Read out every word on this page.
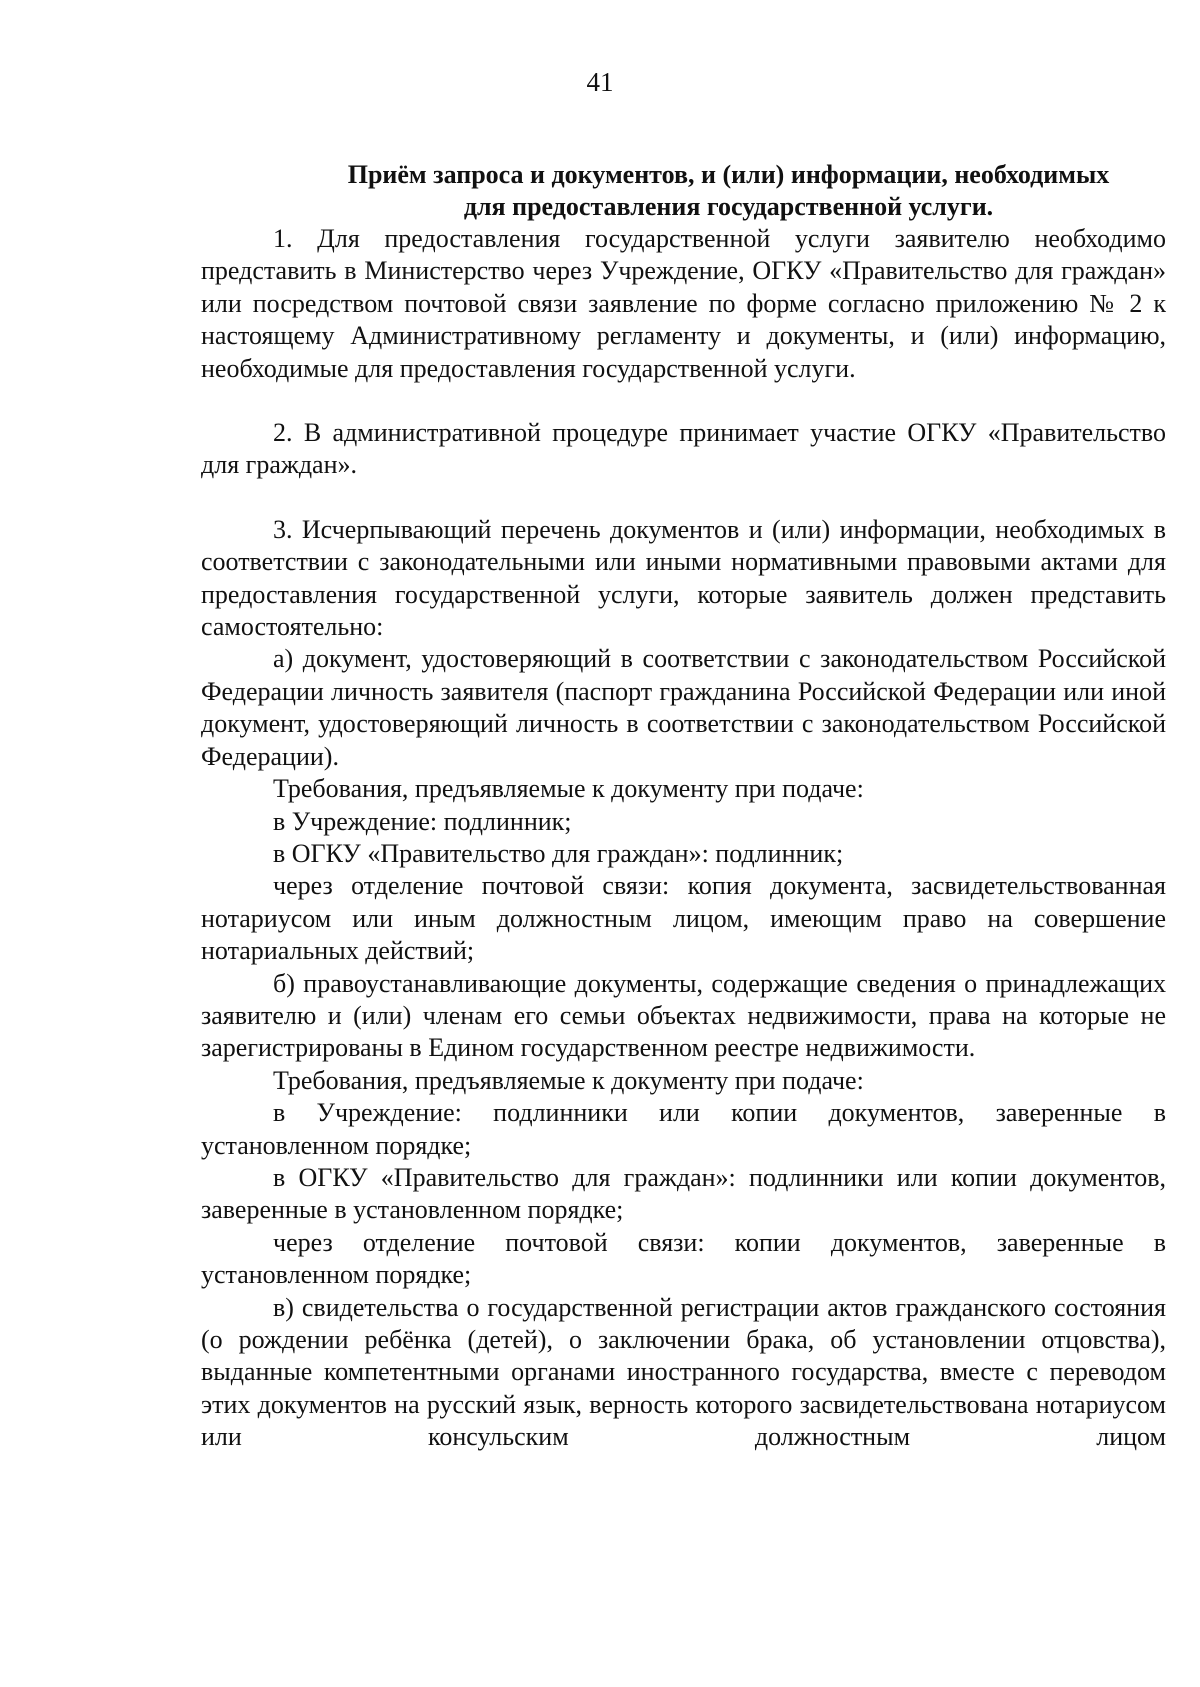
41
Приём запроса и документов, и (или) информации, необходимых
для предоставления государственной услуги.

1. Для предоставления государственной услуги заявителю необходимо представить в Министерство через Учреждение, ОГКУ «Правительство для граждан» или посредством почтовой связи заявление по форме согласно приложению № 2 к настоящему Административному регламенту и документы, и (или) информацию, необходимые для предоставления государственной услуги.

2. В административной процедуре принимает участие ОГКУ «Правительство для граждан».

3. Исчерпывающий перечень документов и (или) информации, необходимых в соответствии с законодательными или иными нормативными правовыми актами для предоставления государственной услуги, которые заявитель должен представить самостоятельно:

а) документ, удостоверяющий в соответствии с законодательством Российской Федерации личность заявителя (паспорт гражданина Российской Федерации или иной документ, удостоверяющий личность в соответствии с законодательством Российской Федерации).

Требования, предъявляемые к документу при подаче:

в Учреждение: подлинник;

в ОГКУ «Правительство для граждан»: подлинник;

через отделение почтовой связи: копия документа, засвидетельствованная нотариусом или иным должностным лицом, имеющим право на совершение нотариальных действий;

б) правоустанавливающие документы, содержащие сведения о принадлежащих заявителю и (или) членам его семьи объектах недвижимости, права на которые не зарегистрированы в Едином государственном реестре недвижимости.

Требования, предъявляемые к документу при подаче:

в Учреждение: подлинники или копии документов, заверенные в установленном порядке;

в ОГКУ «Правительство для граждан»: подлинники или копии документов, заверенные в установленном порядке;

через отделение почтовой связи: копии документов, заверенные в установленном порядке;

в) свидетельства о государственной регистрации актов гражданского состояния (о рождении ребёнка (детей), о заключении брака, об установлении отцовства), выданные компетентными органами иностранного государства, вместе с переводом этих документов на русский язык, верность которого засвидетельствована нотариусом или консульским должностным лицом
